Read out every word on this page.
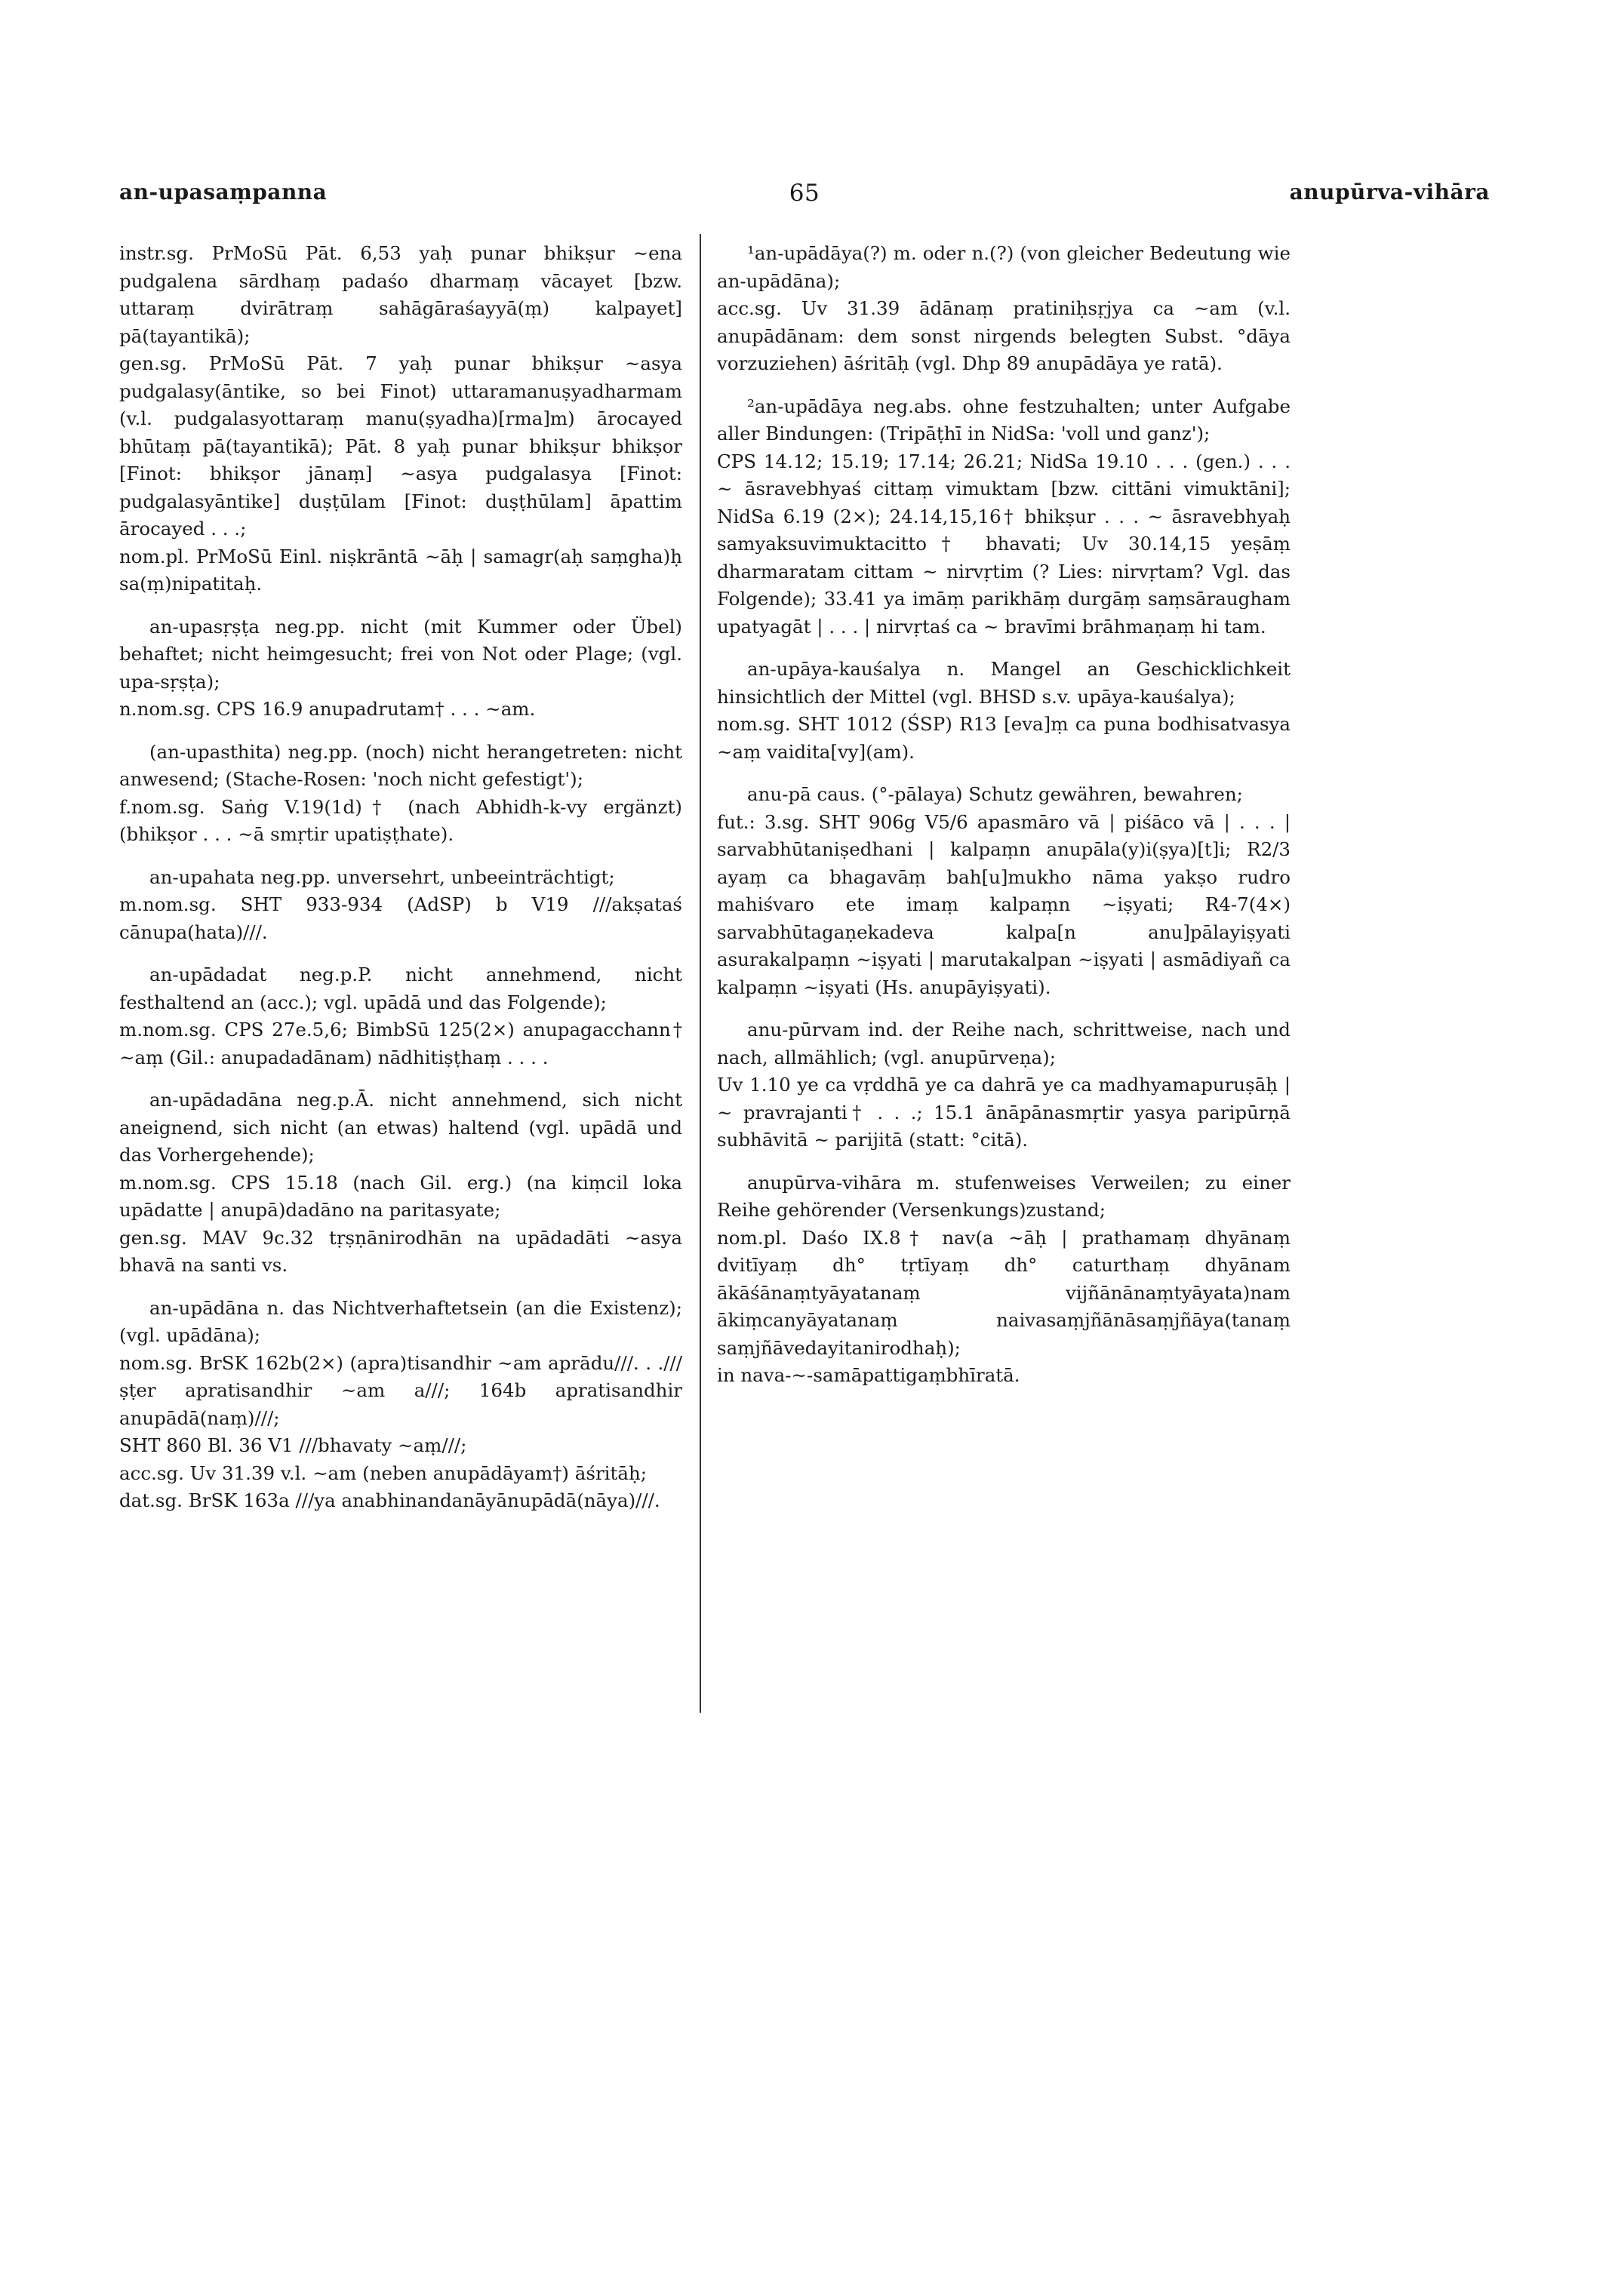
an-upasaṃpanna	65	anupūrva-vihāra

instr.sg. PrMoSū Pāt. 6,53 yaḥ punar bhikṣur ~ena pudgalena sārdhaṃ padaśo dharmaṃ vācayet [bzw. uttaraṃ dvirātraṃ sahāgāraśayyā(ṃ) kalpayet] pā(tayantikā);

gen.sg. PrMoSū Pāt. 7 yaḥ punar bhikṣur ~asya pudgalasy(āntike, so bei Finot) uttaramanuṣyadharmam (v.l. pudgalasyottaraṃ manu(ṣyadha)[rma]m) ārocayed bhūtaṃ pā(tayantikā); Pāt. 8 yaḥ punar bhikṣur bhikṣor [Finot: bhikṣor jānaṃ] ~asya pudgalasya [Finot: pudgalasyāntike] duṣṭūlam [Finot: duṣṭhūlam] āpattim ārocayed . . .;

nom.pl. PrMoSū Einl. niṣkrāntā ~āḥ | samagr(aḥ saṃgha)ḥ sa(ṃ)nipatitaḥ.

an-upasṛṣṭa neg.pp. nicht (mit Kummer oder Übel) behaftet; nicht heimgesucht; frei von Not oder Plage; (vgl. upa-sṛṣṭa);

n.nom.sg. CPS 16.9 anupadrutam† . . . ~am.

(an-upasthita) neg.pp. (noch) nicht herangetreten: nicht anwesend; (Stache-Rosen: 'noch nicht gefestigt');

f.nom.sg. Saṅg V.19(1d)† (nach Abhidh-k-vy ergänzt) (bhikṣor . . . ~ā smṛtir upatiṣṭhate).

an-upahata neg.pp. unversehrt, unbeeinträchtigt;

m.nom.sg. SHT 933-934 (AdSP) b V19 ///akṣataś cānupa(hata)///.

an-upādadat neg.p.P. nicht annehmend, nicht festhaltend an (acc.); vgl. upādā und das Folgende);

m.nom.sg. CPS 27e.5,6; BimbSū 125(2×) anupagacchann† ~aṃ (Gil.: anupadadānam) nādhitiṣṭhaṃ . . . .

an-upādadāna neg.p.Ā. nicht annehmend, sich nicht aneignend, sich nicht (an etwas) haltend (vgl. upādā und das Vorhergehende);

m.nom.sg. CPS 15.18 (nach Gil. erg.) (na kiṃcil loka upādatte | anupā)dadāno na paritasyate;

gen.sg. MAV 9c.32 tṛṣṇānirodhān na upādadāti ~asya bhavā na santi vs.

an-upādāna n. das Nichtverhaftetsein (an die Existenz); (vgl. upādāna);

nom.sg. BrSK 162b(2×) (apra)tisandhir ~am aprādu///. . .///ṣṭer apratisandhir ~am a///; 164b apratisandhir anupādā(naṃ)///;

SHT 860 Bl. 36 V1 ///bhavaty ~aṃ///;

acc.sg. Uv 31.39 v.l. ~am (neben anupādāyam†) āśritāḥ;

dat.sg. BrSK 163a ///ya anabhinandanāyānupādā(nāya)///.

¹an-upādāya(?) m. oder n.(?) (von gleicher Bedeutung wie an-upādāna);

acc.sg. Uv 31.39 ādānaṃ pratiniḥsṛjya ca ~am (v.l. anupādānam: dem sonst nirgends belegten Subst. °dāya vorzuziehen) āśritāḥ (vgl. Dhp 89 anupādāya ye ratā).

²an-upādāya neg.abs. ohne festzuhalten; unter Aufgabe aller Bindungen: (Tripāṭhī in NidSa: 'voll und ganz');

CPS 14.12; 15.19; 17.14; 26.21; NidSa 19.10 . . . (gen.) . . . ~ āsravebhyaś cittaṃ vimuktam [bzw. cittāni vimuktāni]; NidSa 6.19 (2×); 24.14,15,16† bhikṣur . . . ~ āsravebhyaḥ samyaksuvimuktacitto† bhavati; Uv 30.14,15 yeṣāṃ dharmaratam cittam ~ nirvṛtim (? Lies: nirvṛtam? Vgl. das Folgende); 33.41 ya imāṃ parikhāṃ durgāṃ saṃsāraugham upatyagāt | . . . | nirvṛtaś ca ~ bravīmi brāhmaṇaṃ hi tam.

an-upāya-kauśalya n. Mangel an Geschicklichkeit hinsichtlich der Mittel (vgl. BHSD s.v. upāya-kauśalya);

nom.sg. SHT 1012 (ŚSP) R13 [eva]ṃ ca puna bodhisatvasya ~aṃ vaidita[vy](am).

anu-pā caus. (°-pālaya) Schutz gewähren, bewahren;

fut.: 3.sg. SHT 906g V5/6 apasmāro vā | piśāco vā | . . . | sarvabhūtaniṣedhani | kalpaṃn anupāla(y)i(ṣya)[t]i; R2/3 ayaṃ ca bhagavāṃ bah[u]mukho nāma yakṣo rudro mahiśvaro ete imaṃ kalpaṃn ~iṣyati; R4-7(4×) sarvabhūtagaṇekadeva kalpa[n anu]pālayiṣyati asurakalpaṃn ~iṣyati | marutakalpan ~iṣyati | asmādiyañ ca kalpaṃn ~iṣyati (Hs. anupāyiṣyati).

anu-pūrvam ind. der Reihe nach, schrittweise, nach und nach, allmählich; (vgl. anupūrveṇa);

Uv 1.10 ye ca vṛddhā ye ca dahrā ye ca madhyamapuruṣāḥ | ~ pravrajanti† . . .; 15.1 ānāpānasmṛtir yasya paripūrṇā subhāvitā ~ parijitā (statt: °citā).

anupūrva-vihāra m. stufenweises Verweilen; zu einer Reihe gehörender (Versenkungs)zustand;

nom.pl. Daśo IX.8† nav(a ~āḥ | prathamaṃ dhyānaṃ dvitīyaṃ dh° tṛtīyaṃ dh° caturthaṃ dhyānam ākāśānaṃtyāyatanaṃ vijñānānaṃtyāyata)nam ākiṃcanyāyatanaṃ naivasaṃjñānāsaṃjñāya(tanaṃ saṃjñāvedayitanirodhaḥ);

in nava-~-samāpattigaṃbhīratā.
